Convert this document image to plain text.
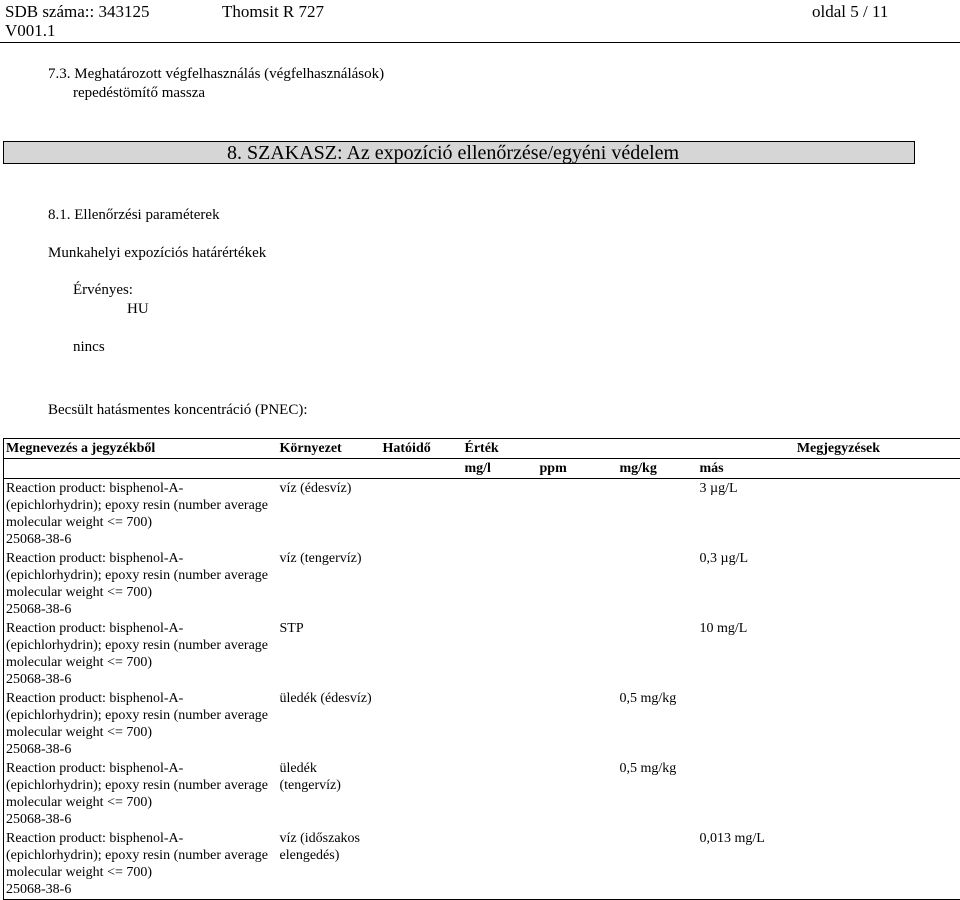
SDB száma:: 343125	Thomsit R 727	oldal 5 / 11
V001.1
7.3. Meghatározott végfelhasználás (végfelhasználások)
repedéstömítő massza
8. SZAKASZ: Az expozíció ellenőrzése/egyéni védelem
8.1. Ellenőrzési paraméterek
Munkahelyi expozíciós határértékek
Érvényes:
HU
nincs
Becsült hatásmentes koncentráció (PNEC):
Megnevezés a jegyzékből	Környezet	Hatóidő	Érték				Megjegyzések
			mg/l	ppm	mg/kg	más	

Reaction product: bisphenol-A-(epichlorhydrin); epoxy resin (number average molecular weight <= 700)
25068-38-6	víz (édesvíz)					3 µg/L	

Reaction product: bisphenol-A-(epichlorhydrin); epoxy resin (number average molecular weight <= 700)
25068-38-6	víz (tengervíz)					0,3 µg/L	

Reaction product: bisphenol-A-(epichlorhydrin); epoxy resin (number average molecular weight <= 700)
25068-38-6	STP					10 mg/L	

Reaction product: bisphenol-A-(epichlorhydrin); epoxy resin (number average molecular weight <= 700)
25068-38-6	üledék (édesvíz)				0,5 mg/kg		

Reaction product: bisphenol-A-(epichlorhydrin); epoxy resin (number average molecular weight <= 700)
25068-38-6	üledék (tengervíz)				0,5 mg/kg		

Reaction product: bisphenol-A-(epichlorhydrin); epoxy resin (number average molecular weight <= 700)
25068-38-6	víz (időszakos elengedés)					0,013 mg/L	
